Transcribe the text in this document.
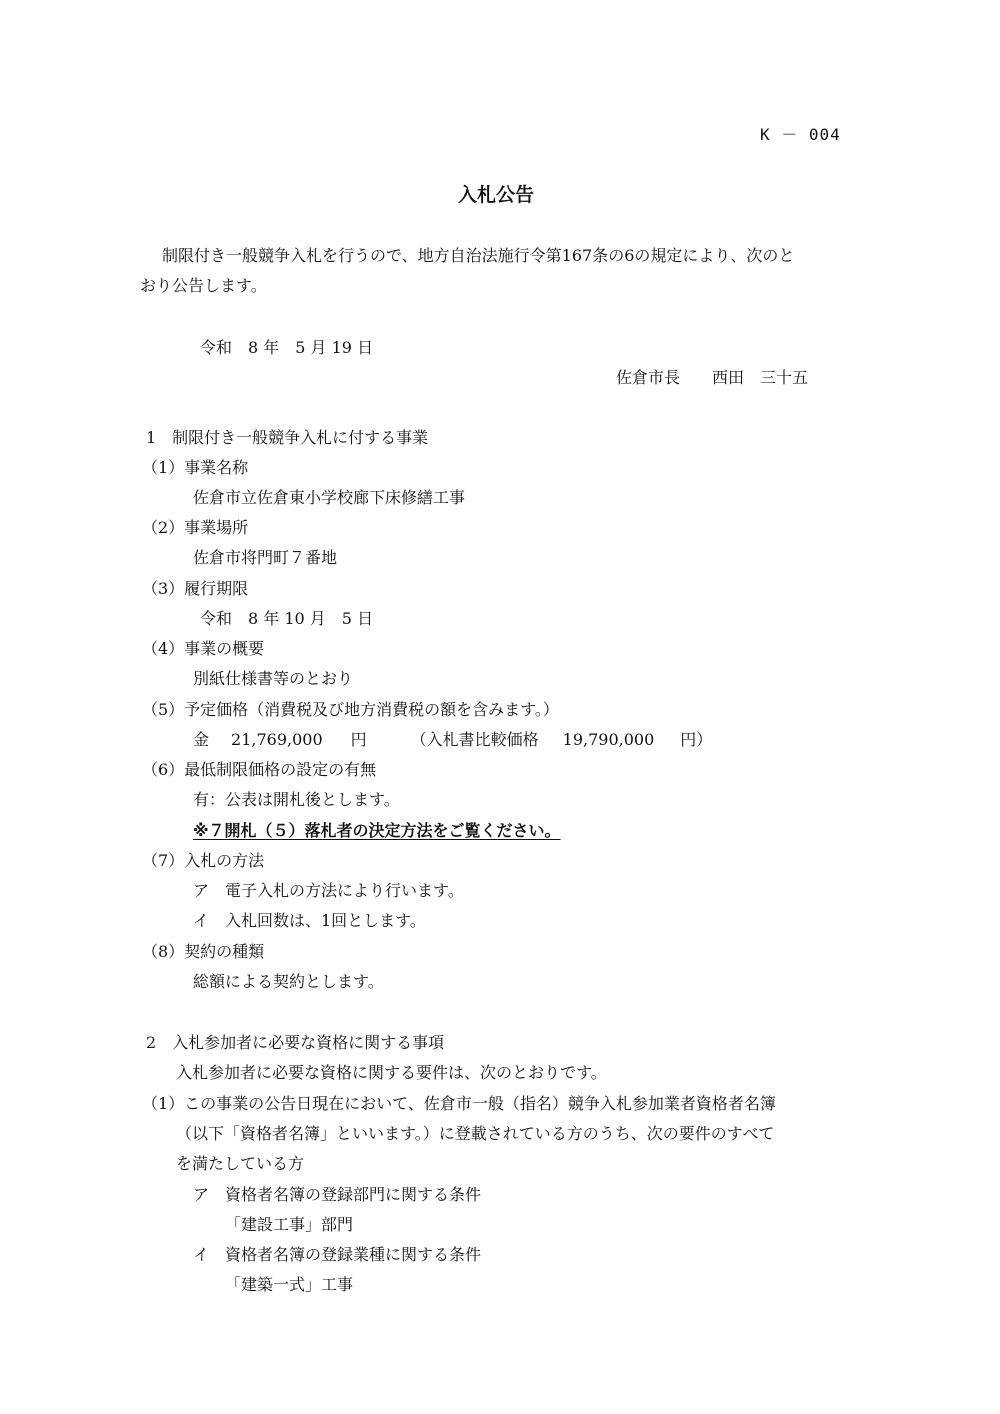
K － 004
入札公告
制限付き一般競争入札を行うので、地方自治法施行令第167条の6の規定により、次のと
おり公告します。
令和　8 年　5 月 19 日
佐倉市長　　西田　三十五
1　制限付き一般競争入札に付する事業
（1）事業名称
佐倉市立佐倉東小学校廊下床修繕工事
（2）事業場所
佐倉市将門町７番地
（3）履行期限
令和　8 年 10 月　5 日
（4）事業の概要
別紙仕様書等のとおり
（5）予定価格（消費税及び地方消費税の額を含みます。）
金 21,769,000 円	（入札書比較価格 19,790,000 円）
（6）最低制限価格の設定の有無
有：公表は開札後とします。
※７開札（５）落札者の決定方法をご覧ください。
（7）入札の方法
ア　電子入札の方法により行います。
イ　入札回数は、1回とします。
（8）契約の種類
総額による契約とします。
2　入札参加者に必要な資格に関する事項
入札参加者に必要な資格に関する要件は、次のとおりです。
（1）この事業の公告日現在において、佐倉市一般（指名）競争入札参加業者資格者名簿
（以下「資格者名簿」といいます。）に登載されている方のうち、次の要件のすべて
を満たしている方
ア　資格者名簿の登録部門に関する条件
「建設工事」部門
イ　資格者名簿の登録業種に関する条件
「建築一式」工事
